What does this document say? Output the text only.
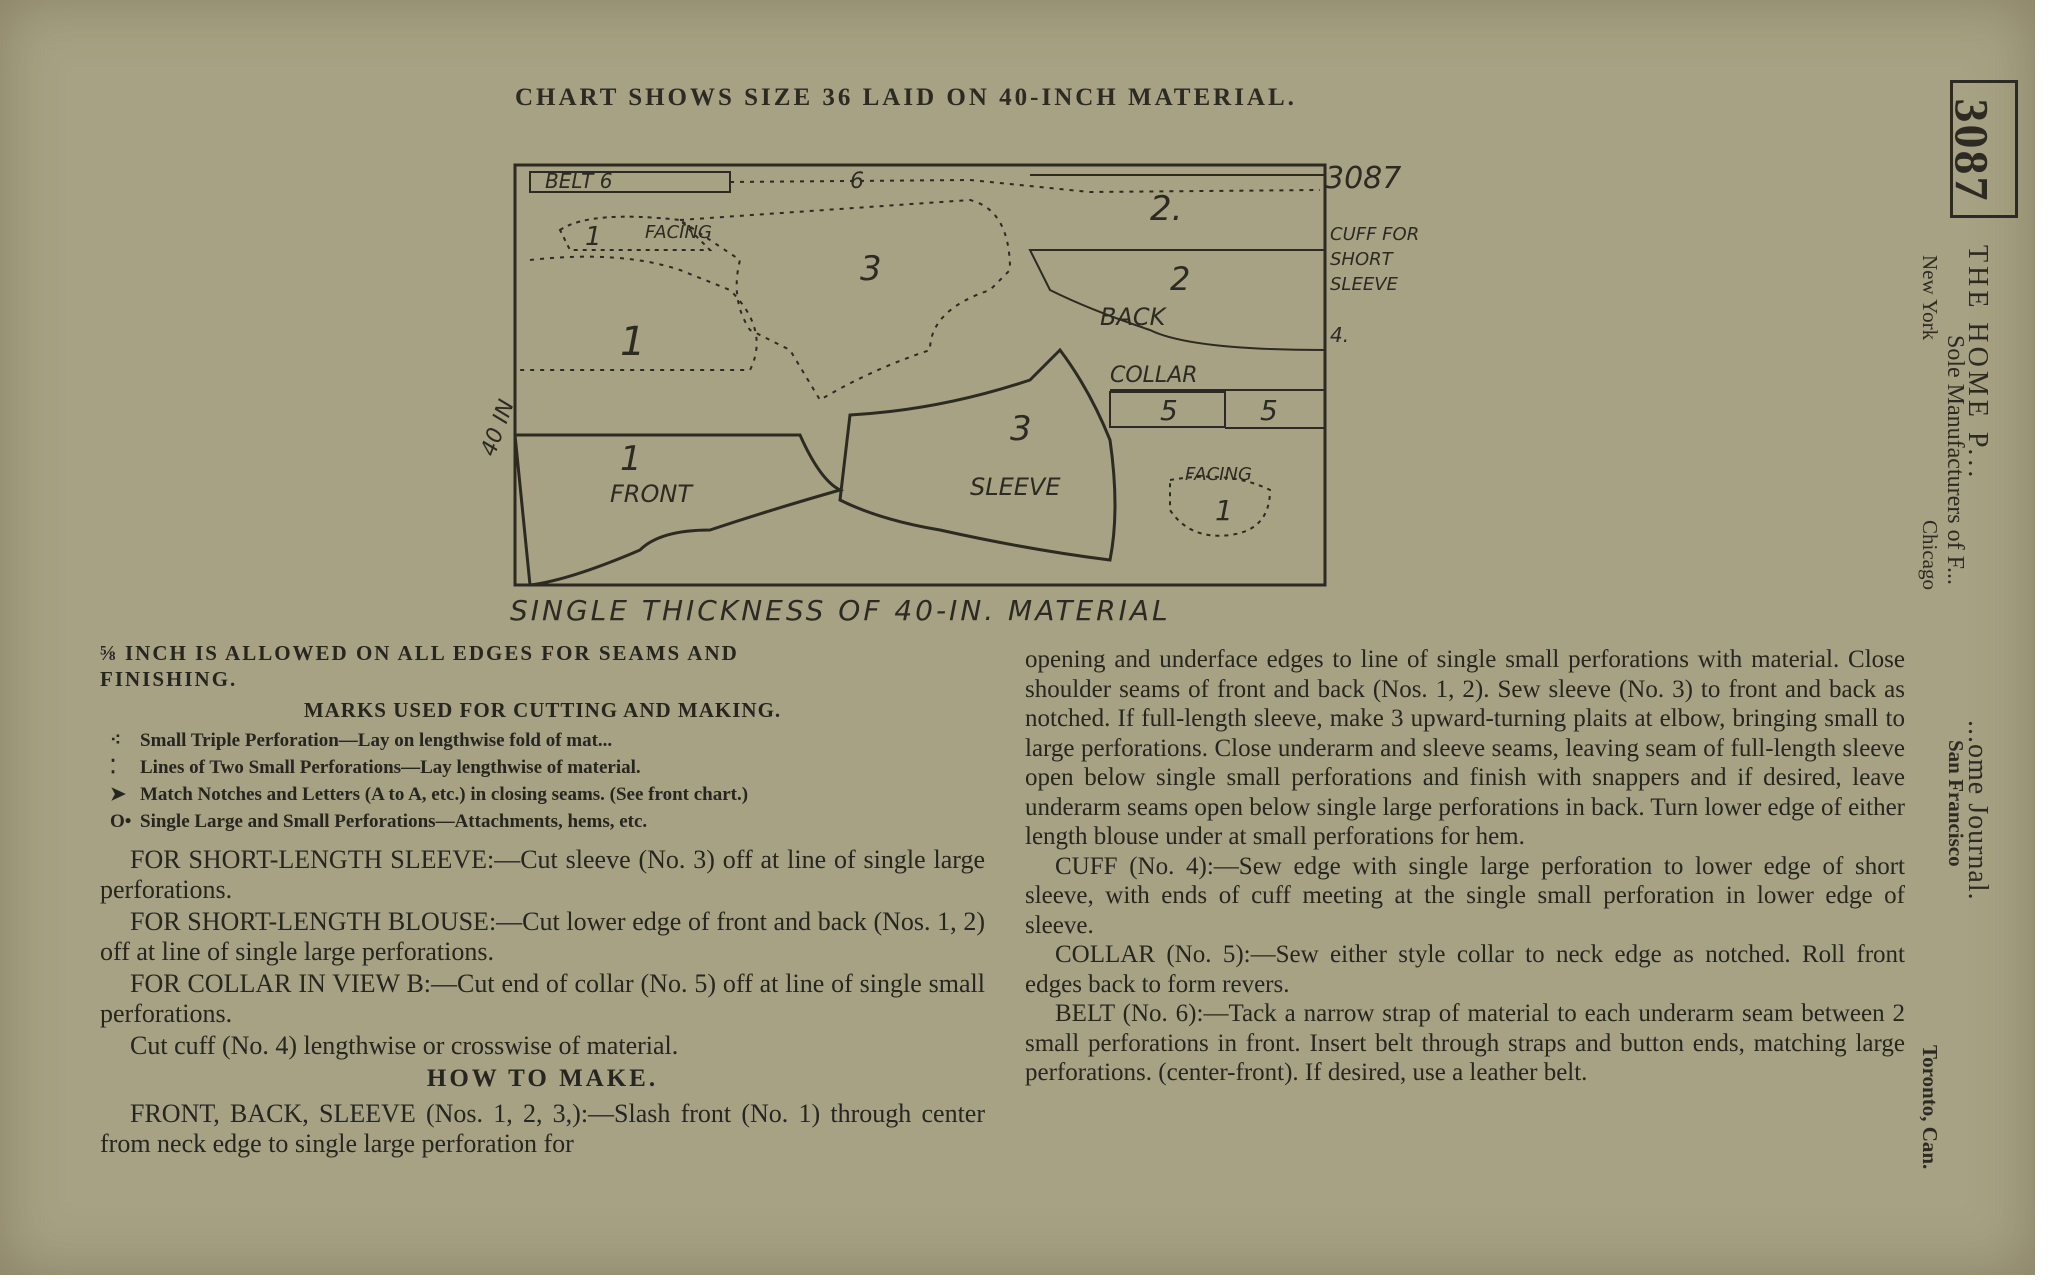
CHART SHOWS SIZE 36 LAID ON 40-INCH MATERIAL.
BELT 6	6	3087
1 FACING
3
2.
2
BACK
CUFF FOR
SHORT
SLEEVE
4.
1
40 IN
COLLAR
5	5
1
FRONT
3
SLEEVE	FACING
1
SINGLE THICKNESS OF 40-IN. MATERIAL

⅝ INCH IS ALLOWED ON ALL EDGES FOR SEAMS AND

FINISHING.

MARKS USED FOR CUTTING AND MAKING.

⁖ Small Triple Perforation—Lay on lengthwise fold of mat...

⁚ Lines of Two Small Perforations—Lay lengthwise of material.

➤ Match Notches and Letters (A to A, etc.) in closing seams. (See front chart.)

O• Single Large and Small Perforations—Attachments, hems, etc.

FOR SHORT-LENGTH SLEEVE:—Cut sleeve (No. 3) off at line of single large perforations.

FOR SHORT-LENGTH BLOUSE:—Cut lower edge of front and back (Nos. 1, 2) off at line of single large perforations.

FOR COLLAR IN VIEW B:—Cut end of collar (No. 5) off at line of single small perforations.

Cut cuff (No. 4) lengthwise or crosswise of material.

HOW TO MAKE.

FRONT, BACK, SLEEVE (Nos. 1, 2, 3,):—Slash front (No. 1) through center from neck edge to single large perforation for

opening and underface edges to line of single small perforations with material. Close shoulder seams of front and back (Nos. 1, 2). Sew sleeve (No. 3) to front and back as notched. If full-length sleeve, make 3 upward-turning plaits at elbow, bringing small to large perforations. Close underarm and sleeve seams, leaving seam of full-length sleeve open below single small perforations and finish with snappers and if desired, leave underarm seams open below single large perforations in back. Turn lower edge of either length blouse under at small perforations for hem.

CUFF (No. 4):—Sew edge with single large perforation to lower edge of short sleeve, with ends of cuff meeting at the single small perforation in lower edge of sleeve.

COLLAR (No. 5):—Sew either style collar to neck edge as notched. Roll front edges back to form revers.

BELT (No. 6):—Tack a narrow strap of material to each underarm seam between 2 small perforations in front. Insert belt through straps and button ends, matching large perforations. (center-front). If desired, use a leather belt.

3087
THE HOME P...
...ome Journal.
Sole Manufacturers of F...
New York
Chicago
San Francisco
Toronto, Can.
